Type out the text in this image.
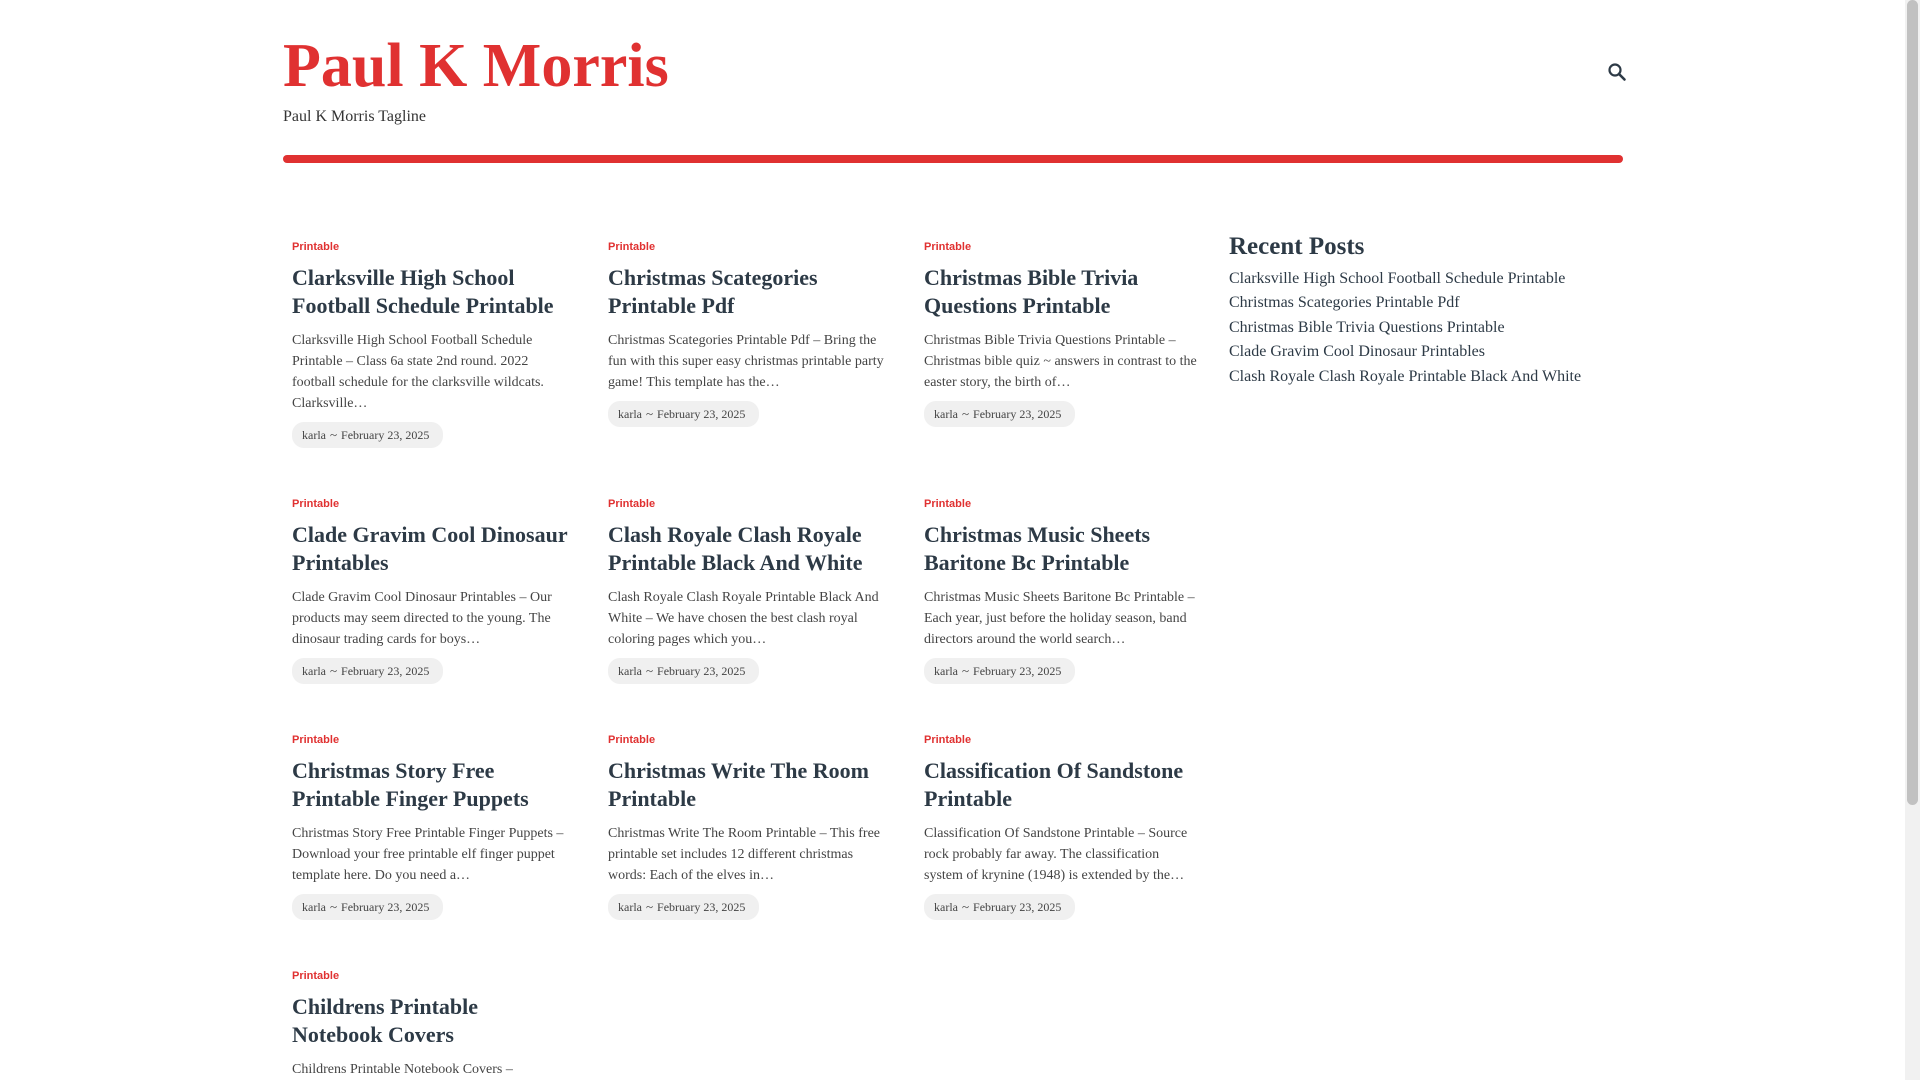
Paul K Morris
Paul K Morris Tagline
Printable
Clarksville High School Football Schedule Printable

Clarksville High School Football Schedule Printable – Class 6a state 2nd round. 2022 football schedule for the clarksville wildcats. Clarksville…

karla ~ February 23, 2025
Printable
Christmas Scategories Printable Pdf

Christmas Scategories Printable Pdf – Bring the fun with this super easy christmas printable party game! This template has the…

karla ~ February 23, 2025
Printable
Christmas Bible Trivia Questions Printable

Christmas Bible Trivia Questions Printable – Christmas bible quiz ~ answers in contrast to the easter story, the birth of…

karla ~ February 23, 2025
Printable
Clade Gravim Cool Dinosaur Printables

Clade Gravim Cool Dinosaur Printables – Our products may seem directed to the young. The dinosaur trading cards for boys…

karla ~ February 23, 2025
Printable
Clash Royale Clash Royale Printable Black And White

Clash Royale Clash Royale Printable Black And White – We have chosen the best clash royal coloring pages which you…

karla ~ February 23, 2025
Printable
Christmas Music Sheets Baritone Bc Printable

Christmas Music Sheets Baritone Bc Printable – Each year, just before the holiday season, band directors around the world search…

karla ~ February 23, 2025
Printable
Christmas Story Free Printable Finger Puppets

Christmas Story Free Printable Finger Puppets – Download your free printable elf finger puppet template here. Do you need a…

karla ~ February 23, 2025
Printable
Christmas Write The Room Printable

Christmas Write The Room Printable – This free printable set includes 12 different christmas words: Each of the elves in…

karla ~ February 23, 2025
Printable
Classification Of Sandstone Printable

Classification Of Sandstone Printable – Source rock probably far away. The classification system of krynine (1948) is extended by the…

karla ~ February 23, 2025
Printable
Childrens Printable Notebook Covers

Childrens Printable Notebook Covers –

Recent Posts
Clarksville High School Football Schedule Printable
Christmas Scategories Printable Pdf
Christmas Bible Trivia Questions Printable
Clade Gravim Cool Dinosaur Printables
Clash Royale Clash Royale Printable Black And White
